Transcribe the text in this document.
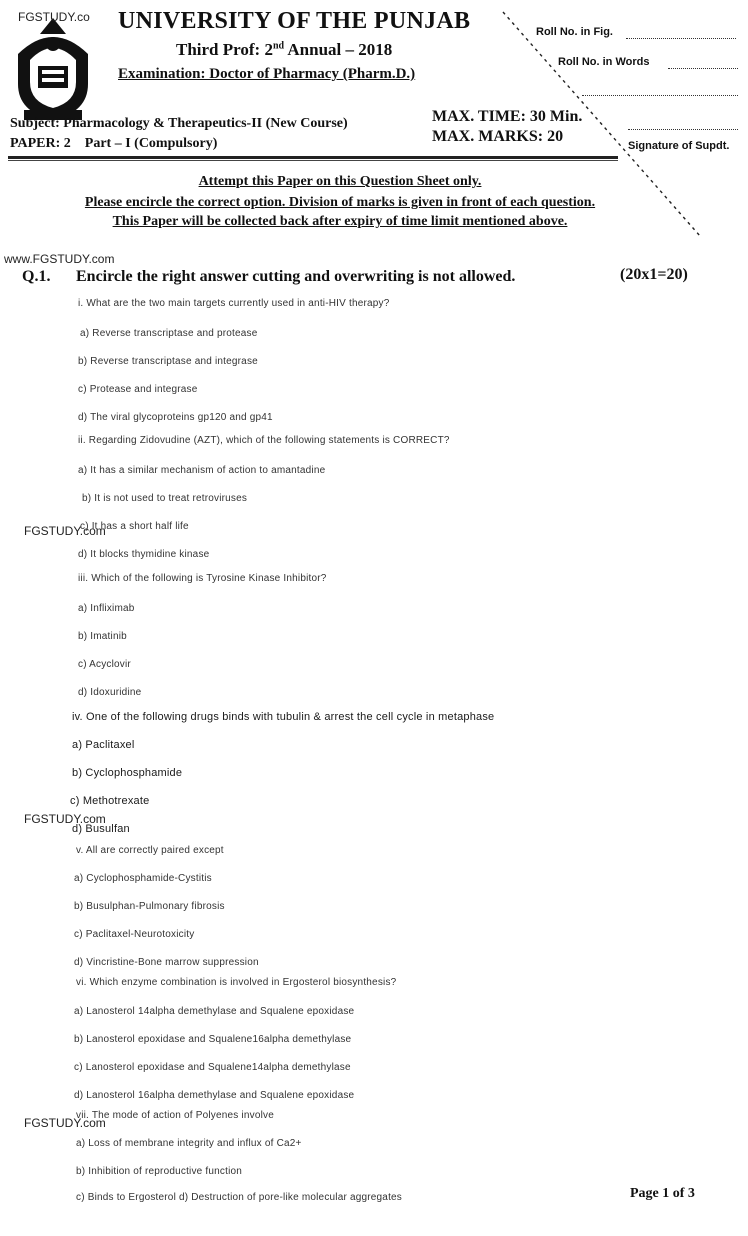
FGSTUDY.co UNIVERSITY OF THE PUNJAB
Third Prof: 2nd Annual – 2018
Examination: Doctor of Pharmacy (Pharm.D.)
Subject: Pharmacology & Therapeutics-II (New Course)
PAPER: 2    Part – I (Compulsory)
MAX. TIME: 30 Min.
MAX. MARKS: 20
Roll No. in Fig.
Roll No. in Words
Signature of Supdt.
Attempt this Paper on this Question Sheet only.
Please encircle the correct option. Division of marks is given in front of each question.
This Paper will be collected back after expiry of time limit mentioned above.
www.FGSTUDY.com
Q.1. Encircle the right answer cutting and overwriting is not allowed.	(20x1=20)
FGSTUDY.com
FGSTUDY.com
FGSTUDY.com
i. What are the two main targets currently used in anti-HIV therapy?
a) Reverse transcriptase and protease
b) Reverse transcriptase and integrase
c) Protease and integrase
d) The viral glycoproteins gp120 and gp41
ii. Regarding Zidovudine (AZT), which of the following statements is CORRECT?
a) It has a similar mechanism of action to amantadine
b) It is not used to treat retroviruses
c) It has a short half life
d) It blocks thymidine kinase
iii. Which of the following is Tyrosine Kinase Inhibitor?
a) Infliximab
b) Imatinib
c) Acyclovir
d) Idoxuridine
iv. One of the following drugs binds with tubulin & arrest the cell cycle in metaphase
a) Paclitaxel
b) Cyclophosphamide
c) Methotrexate
d) Busulfan
v. All are correctly paired except
a) Cyclophosphamide-Cystitis
b) Busulphan-Pulmonary fibrosis
c) Paclitaxel-Neurotoxicity
d) Vincristine-Bone marrow suppression
vi. Which enzyme combination is involved in Ergosterol biosynthesis?
a) Lanosterol 14alpha demethylase and Squalene epoxidase
b) Lanosterol epoxidase and Squalene16alpha demethylase
c) Lanosterol epoxidase and Squalene14alpha demethylase
d) Lanosterol 16alpha demethylase and Squalene epoxidase
vii. The mode of action of Polyenes involve
a) Loss of membrane integrity and influx of Ca2+
b) Inhibition of reproductive function
c) Binds to Ergosterol d) Destruction of pore-like molecular aggregates	Page 1 of 3
